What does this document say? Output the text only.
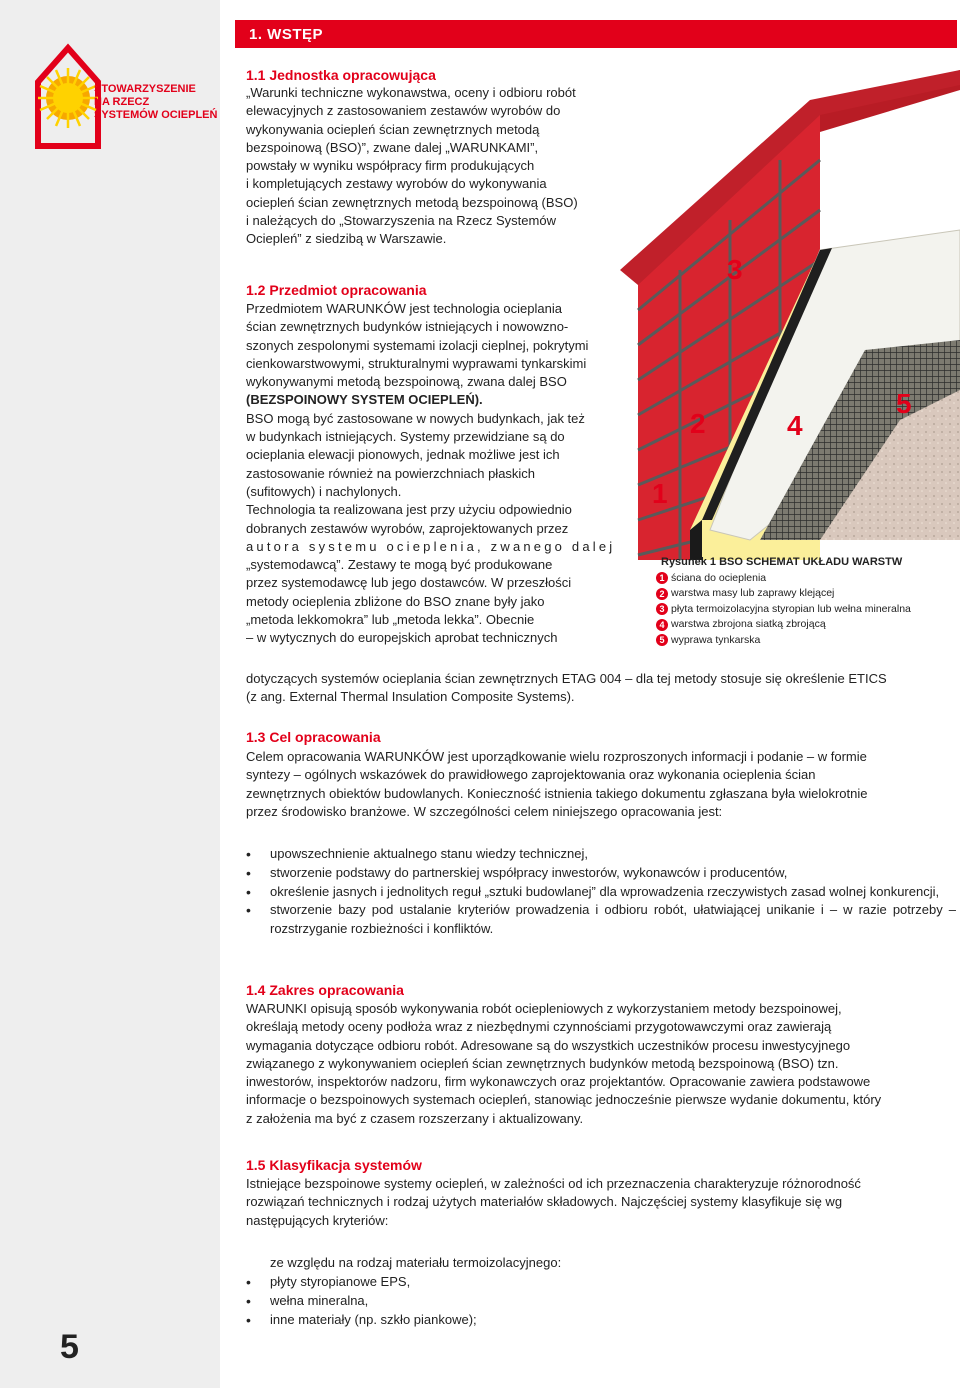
STOWARZYSZENIE
NA RZECZ
SYSTEMÓW OCIEPLEŃ
5
1. WSTĘP
1.1 Jednostka opracowująca
„Warunki techniczne wykonawstwa, oceny i odbioru robót
elewacyjnych z zastosowaniem zestawów wyrobów do
wykonywania ociepleń ścian zewnętrznych metodą
bezspoinową (BSO)”, zwane dalej „WARUNKAMI”,
powstały w wyniku współpracy firm produkujących
i kompletujących zestawy wyrobów do wykonywania
ociepleń ścian zewnętrznych metodą bezspoinową (BSO)
i należących do „Stowarzyszenia na Rzecz Systemów
Ociepleń” z siedzibą w Warszawie.
1.2 Przedmiot opracowania
Przedmiotem WARUNKÓW jest technologia ocieplania
ścian zewnętrznych budynków istniejących i nowowzno-
szonych zespolonymi systemami izolacji cieplnej, pokrytymi
cienkowarstwowymi, strukturalnymi wyprawami tynkarskimi
wykonywanymi metodą bezspoinową, zwana dalej BSO
(BEZSPOINOWY SYSTEM OCIEPLEŃ).
BSO mogą być zastosowane w nowych budynkach, jak też
w budynkach istniejących. Systemy przewidziane są do
ocieplania elewacji pionowych, jednak możliwe jest ich
zastosowanie również na powierzchniach płaskich
(sufitowych) i nachylonych.
Technologia ta realizowana jest przy użyciu odpowiednio
dobranych zestawów wyrobów, zaprojektowanych przez
autora systemu ocieplenia, zwanego dalej
„systemodawcą”. Zestawy te mogą być produkowane
przez systemodawcę lub jego dostawców. W przeszłości
metody ocieplenia zbliżone do BSO znane były jako
„metoda lekkomokra” lub „metoda lekka”. Obecnie
– w wytycznych do europejskich aprobat technicznych
dotyczących systemów ocieplania ścian zewnętrznych ETAG 004 – dla tej metody stosuje się określenie ETICS
(z ang. External Thermal Insulation Composite Systems).
1
2
3
4
5
Rysunek 1 BSO SCHEMAT UKŁADU WARSTW
1 ściana do ocieplenia
2 warstwa masy lub zaprawy klejącej
3 płyta termoizolacyjna styropian lub wełna mineralna
4 warstwa zbrojona siatką zbrojącą
5 wyprawa tynkarska
1.3 Cel opracowania
Celem opracowania WARUNKÓW jest uporządkowanie wielu rozproszonych informacji i podanie – w formie
syntezy – ogólnych wskazówek do prawidłowego zaprojektowania oraz wykonania ocieplenia ścian
zewnętrznych obiektów budowlanych. Konieczność istnienia takiego dokumentu zgłaszana była wielokrotnie
przez środowisko branżowe. W szczególności celem niniejszego opracowania jest:
• upowszechnienie aktualnego stanu wiedzy technicznej,
• stworzenie podstawy do partnerskiej współpracy inwestorów, wykonawców i producentów,
• określenie jasnych i jednolitych reguł „sztuki budowlanej” dla wprowadzenia rzeczywistych zasad wolnej konkurencji,
• stworzenie bazy pod ustalanie kryteriów prowadzenia i odbioru robót, ułatwiającej unikanie i – w razie potrzeby – rozstrzyganie rozbieżności i konfliktów.
1.4 Zakres opracowania
WARUNKI opisują sposób wykonywania robót ociepleniowych z wykorzystaniem metody bezspoinowej,
określają metody oceny podłoża wraz z niezbędnymi czynnościami przygotowawczymi oraz zawierają
wymagania dotyczące odbioru robót. Adresowane są do wszystkich uczestników procesu inwestycyjnego
związanego z wykonywaniem ociepleń ścian zewnętrznych budynków metodą bezspoinową (BSO) tzn.
inwestorów, inspektorów nadzoru, firm wykonawczych oraz projektantów. Opracowanie zawiera podstawowe
informacje o bezspoinowych systemach ociepleń, stanowiąc jednocześnie pierwsze wydanie dokumentu, który
z założenia ma być z czasem rozszerzany i aktualizowany.
1.5 Klasyfikacja systemów
Istniejące bezspoinowe systemy ociepleń, w zależności od ich przeznaczenia charakteryzuje różnorodność
rozwiązań technicznych i rodzaj użytych materiałów składowych. Najczęściej systemy klasyfikuje się wg
następujących kryteriów:
ze względu na rodzaj materiału termoizolacyjnego:
• płyty styropianowe EPS,
• wełna mineralna,
• inne materiały (np. szkło piankowe);
